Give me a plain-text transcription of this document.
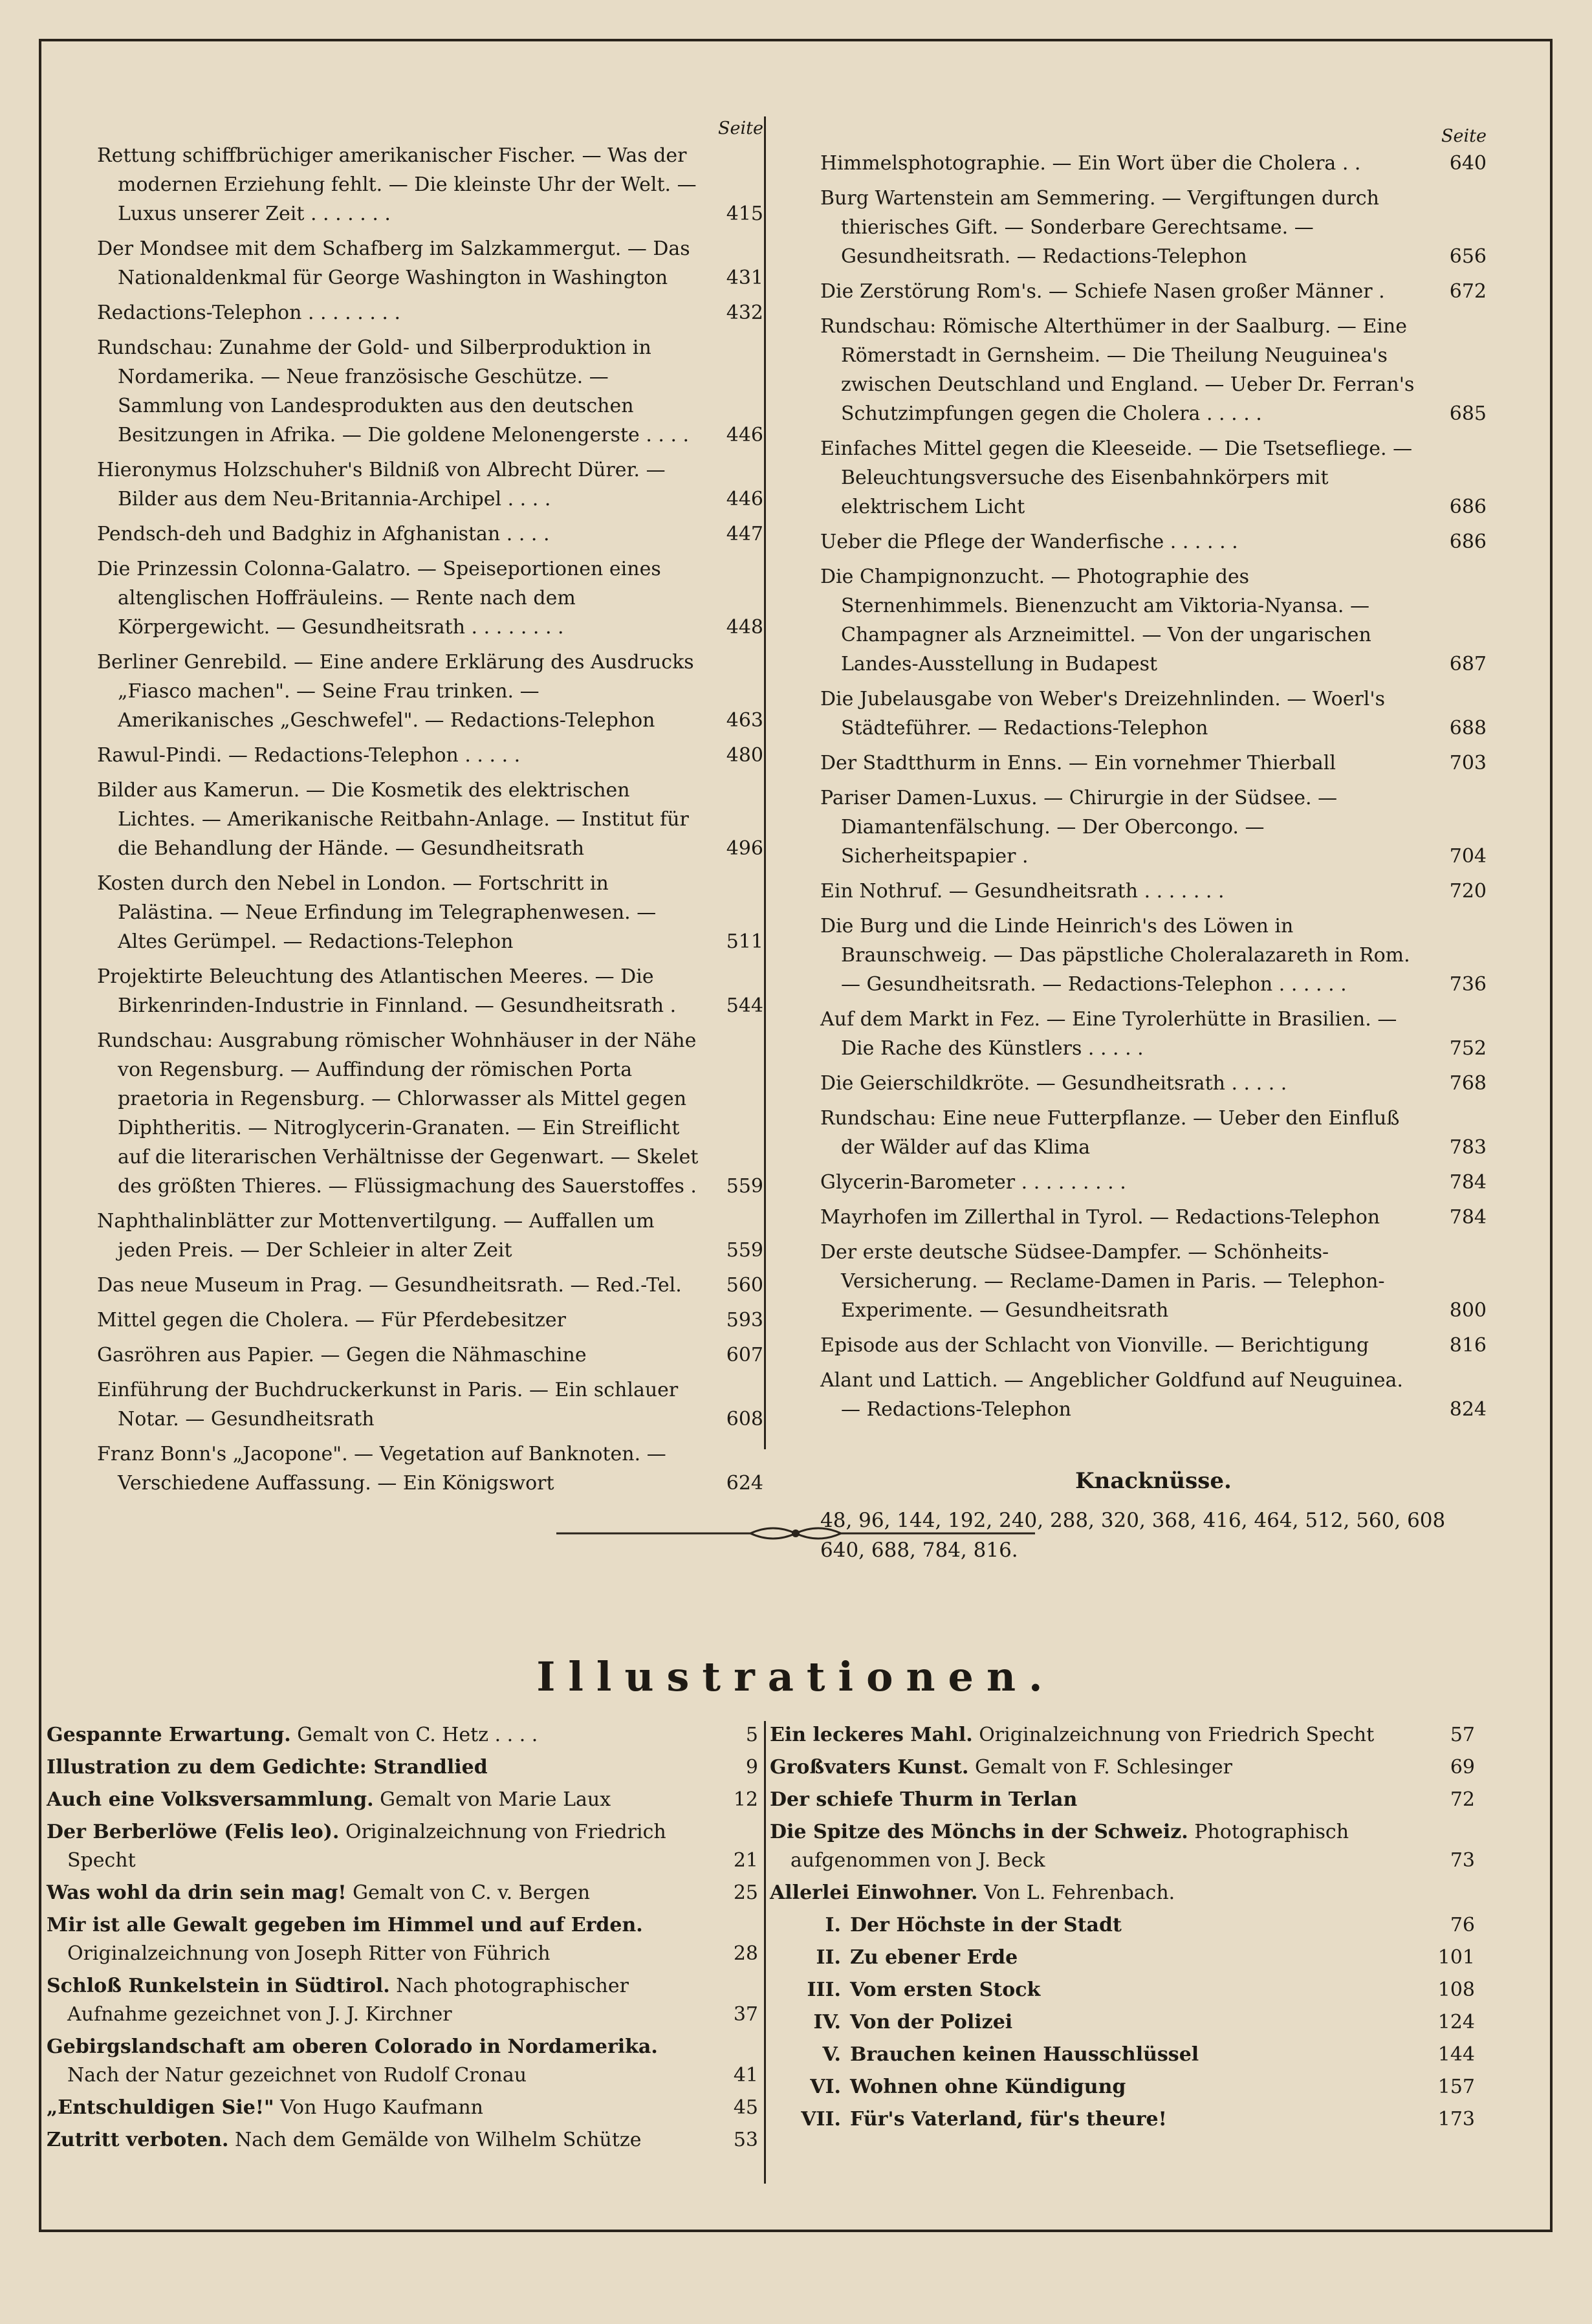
Seite
Rettung schiffbrüchiger amerikanischer Fischer. — Was der modernen Erziehung fehlt. — Die kleinste Uhr der Welt. — Luxus unserer Zeit . . . . . . .	415
Der Mondsee mit dem Schafberg im Salzkammergut. — Das Nationaldenkmal für George Washington in Washington	431
Redactions-Telephon . . . . . . . .	432
Rundschau: Zunahme der Gold- und Silberproduktion in Nordamerika. — Neue französische Geschütze. — Sammlung von Landesprodukten aus den deutschen Besitzungen in Afrika. — Die goldene Melonengerste . . . .	446
Hieronymus Holzschuher's Bildniß von Albrecht Dürer. — Bilder aus dem Neu-Britannia-Archipel . . . .	446
Pendsch-deh und Badghiz in Afghanistan . . . .	447
Die Prinzessin Colonna-Galatro. — Speiseportionen eines altenglischen Hoffräuleins. — Rente nach dem Körpergewicht. — Gesundheitsrath . . . . . . . .	448
Berliner Genrebild. — Eine andere Erklärung des Ausdrucks „Fiasco machen". — Seine Frau trinken. — Amerikanisches „Geschwefel". — Redactions-Telephon	463
Rawul-Pindi. — Redactions-Telephon . . . . .	480
Bilder aus Kamerun. — Die Kosmetik des elektrischen Lichtes. — Amerikanische Reitbahn-Anlage. — Institut für die Behandlung der Hände. — Gesundheitsrath	496
Kosten durch den Nebel in London. — Fortschritt in Palästina. — Neue Erfindung im Telegraphenwesen. — Altes Gerümpel. — Redactions-Telephon	511
Projektirte Beleuchtung des Atlantischen Meeres. — Die Birkenrinden-Industrie in Finnland. — Gesundheitsrath .	544
Rundschau: Ausgrabung römischer Wohnhäuser in der Nähe von Regensburg. — Auffindung der römischen Porta praetoria in Regensburg. — Chlorwasser als Mittel gegen Diphtheritis. — Nitroglycerin-Granaten. — Ein Streiflicht auf die literarischen Verhältnisse der Gegenwart. — Skelet des größten Thieres. — Flüssigmachung des Sauerstoffes .	559
Naphthalinblätter zur Mottenvertilgung. — Auffallen um jeden Preis. — Der Schleier in alter Zeit	559
Das neue Museum in Prag. — Gesundheitsrath. — Red.-Tel.	560
Mittel gegen die Cholera. — Für Pferdebesitzer	593
Gasröhren aus Papier. — Gegen die Nähmaschine	607
Einführung der Buchdruckerkunst in Paris. — Ein schlauer Notar. — Gesundheitsrath	608
Franz Bonn's „Jacopone". — Vegetation auf Banknoten. — Verschiedene Auffassung. — Ein Königswort	624
Seite
Himmelsphotographie. — Ein Wort über die Cholera . .	640
Burg Wartenstein am Semmering. — Vergiftungen durch thierisches Gift. — Sonderbare Gerechtsame. — Gesundheitsrath. — Redactions-Telephon	656
Die Zerstörung Rom's. — Schiefe Nasen großer Männer .	672
Rundschau: Römische Alterthümer in der Saalburg. — Eine Römerstadt in Gernsheim. — Die Theilung Neuguinea's zwischen Deutschland und England. — Ueber Dr. Ferran's Schutzimpfungen gegen die Cholera . . . . .	685
Einfaches Mittel gegen die Kleeseide. — Die Tsetsefliege. — Beleuchtungsversuche des Eisenbahnkörpers mit elektrischem Licht	686
Ueber die Pflege der Wanderfische . . . . . .	686
Die Champignonzucht. — Photographie des Sternenhimmels. Bienenzucht am Viktoria-Nyansa. — Champagner als Arzneimittel. — Von der ungarischen Landes-Ausstellung in Budapest	687
Die Jubelausgabe von Weber's Dreizehnlinden. — Woerl's Städteführer. — Redactions-Telephon	688
Der Stadtthurm in Enns. — Ein vornehmer Thierball	703
Pariser Damen-Luxus. — Chirurgie in der Südsee. — Diamantenfälschung. — Der Obercongo. — Sicherheitspapier .	704
Ein Nothruf. — Gesundheitsrath . . . . . . .	720
Die Burg und die Linde Heinrich's des Löwen in Braunschweig. — Das päpstliche Choleralazareth in Rom. — Gesundheitsrath. — Redactions-Telephon . . . . . .	736
Auf dem Markt in Fez. — Eine Tyrolerhütte in Brasilien. — Die Rache des Künstlers . . . . .	752
Die Geierschildkröte. — Gesundheitsrath . . . . .	768
Rundschau: Eine neue Futterpflanze. — Ueber den Einfluß der Wälder auf das Klima	783
Glycerin-Barometer . . . . . . . . .	784
Mayrhofen im Zillerthal in Tyrol. — Redactions-Telephon	784
Der erste deutsche Südsee-Dampfer. — Schönheits-Versicherung. — Reclame-Damen in Paris. — Telephon-Experimente. — Gesundheitsrath	800
Episode aus der Schlacht von Vionville. — Berichtigung	816
Alant und Lattich. — Angeblicher Goldfund auf Neuguinea. — Redactions-Telephon	824
Knacknüsse.
48, 96, 144, 192, 240, 288, 320, 368, 416, 464, 512, 560, 608 640, 688, 784, 816.
Illustrationen.
Gespannte Erwartung. Gemalt von C. Hetz . . . .	5
Illustration zu dem Gedichte: Strandlied	9
Auch eine Volksversammlung. Gemalt von Marie Laux	12
Der Berberlöwe (Felis leo). Originalzeichnung von Friedrich Specht	21
Was wohl da drin sein mag! Gemalt von C. v. Bergen	25
Mir ist alle Gewalt gegeben im Himmel und auf Erden. Originalzeichnung von Joseph Ritter von Führich	28
Schloß Runkelstein in Südtirol. Nach photographischer Aufnahme gezeichnet von J. J. Kirchner	37
Gebirgslandschaft am oberen Colorado in Nordamerika. Nach der Natur gezeichnet von Rudolf Cronau	41
„Entschuldigen Sie!" Von Hugo Kaufmann	45
Zutritt verboten. Nach dem Gemälde von Wilhelm Schütze	53
Ein leckeres Mahl. Originalzeichnung von Friedrich Specht	57
Großvaters Kunst. Gemalt von F. Schlesinger	69
Der schiefe Thurm in Terlan	72
Die Spitze des Mönchs in der Schweiz. Photographisch aufgenommen von J. Beck	73
Allerlei Einwohner. Von L. Fehrenbach.
I. Der Höchste in der Stadt	76
II. Zu ebener Erde	101
III. Vom ersten Stock	108
IV. Von der Polizei	124
V. Brauchen keinen Hausschlüssel	144
VI. Wohnen ohne Kündigung	157
VII. Für's Vaterland, für's theure!	173
